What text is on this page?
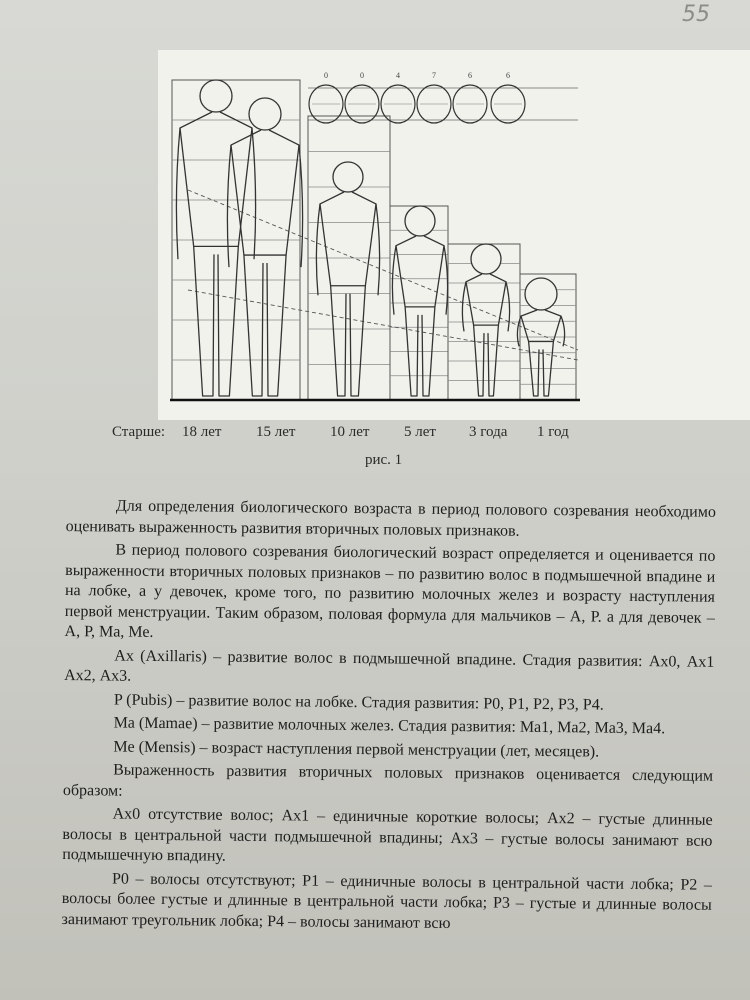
55
0	0	4	7	6	6
Старше: 18 лет 15 лет 10 лет 5 лет 3 года 1 год
рис. 1

Для определения биологического возраста в период полового созревания необходимо оценивать выраженность развития вторичных половых признаков.

В период полового созревания биологический возраст определяется и оценивается по выраженности вторичных половых признаков – по развитию волос в подмышечной впадине и на лобке, а у девочек, кроме того, по развитию молочных желез и возрасту наступления первой менструации. Таким образом, половая формула для мальчиков – А, Р. а для девочек – А, Р, Ма, Ме.

Ах (Axillaris) – развитие волос в подмышечной впадине. Стадия развития: Ах0, Ах1 Ах2, Ах3.

P (Pubis) – развитие волос на лобке. Стадия развития: Р0, Р1, Р2, Р3, Р4.

Ma (Mamae) – развитие молочных желез. Стадия развития: Ма1, Ма2, Ма3, Ма4.

Me (Mensis) – возраст наступления первой менструации (лет, месяцев).

Выраженность развития вторичных половых признаков оценивается следующим образом:

Ах0 отсутствие волос; Ах1 – единичные короткие волосы; Ах2 – густые длинные волосы в центральной части подмышечной впадины; Ах3 – густые волосы занимают всю подмышечную впадину.

Р0 – волосы отсутствуют; Р1 – единичные волосы в центральной части лобка; Р2 – волосы более густые и длинные в центральной части лобка; Р3 – густые и длинные волосы занимают треугольник лобка; Р4 – волосы занимают всю
